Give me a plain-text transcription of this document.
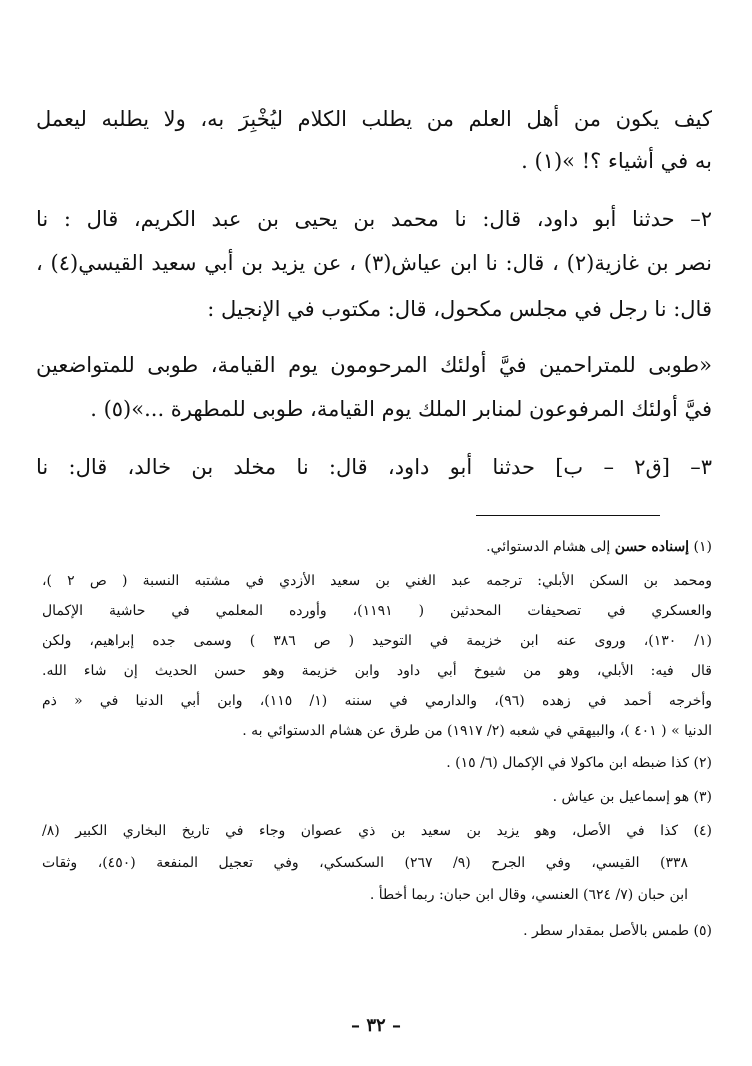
كيف يكون من أهل العلم من يطلب الكلام ليُخْبِرَ به، ولا يطلبه ليعمل
به في أشياء ؟! »(١) .
٢– حدثنا أبو داود، قال: نا محمد بن يحيى بن عبد الكريم، قال : نا
نصر بن غازية(٢) ، قال: نا ابن عياش(٣) ، عن يزيد بن أبي سعيد القيسي(٤) ،
قال: نا رجل في مجلس مكحول، قال: مكتوب في الإنجيل :
«طوبى للمتراحمين فيَّ أولئك المرحومون يوم القيامة، طوبى للمتواضعين
فيَّ أولئك المرفوعون لمنابر الملك يوم القيامة، طوبى للمطهرة ...»(٥) .
٣– [ق٢ – ب] حدثنا أبو داود، قال: نا مخلد بن خالد، قال: نا
(١) إسناده حسن إلى هشام الدستوائي.
ومحمد بن السكن الأبلي: ترجمه عبد الغني بن سعيد الأزدي في مشتبه النسبة ( ص ٢ )،
والعسكري في تصحيفات المحدثين ( ١١٩١)، وأورده المعلمي في حاشية الإكمال
(١/ ١٣٠)، وروى عنه ابن خزيمة في التوحيد ( ص ٣٨٦ ) وسمى جده إبراهيم، ولكن
قال فيه: الأبلي، وهو من شيوخ أبي داود وابن خزيمة وهو حسن الحديث إن شاء الله.
وأخرجه أحمد في زهده (٩٦)، والدارمي في سننه (١/ ١١٥)، وابن أبي الدنيا في « ذم
الدنيا » ( ٤٠١ )، والبيهقي في شعبه (٢/ ١٩١٧) من طرق عن هشام الدستوائي به .
(٢) كذا ضبطه ابن ماكولا في الإكمال (٦/ ١٥) .
(٣) هو إسماعيل بن عياش .
(٤) كذا في الأصل، وهو يزيد بن سعيد بن ذي عصوان وجاء في تاريخ البخاري الكبير (٨/
٣٣٨) القيسي، وفي الجرح (٩/ ٢٦٧) السكسكي، وفي تعجيل المنفعة (٤٥٠)، وثقات
ابن حبان (٧/ ٦٢٤) العنسي، وقال ابن حبان: ربما أخطأ .
(٥) طمس بالأصل بمقدار سطر .
– ٣٢ –
